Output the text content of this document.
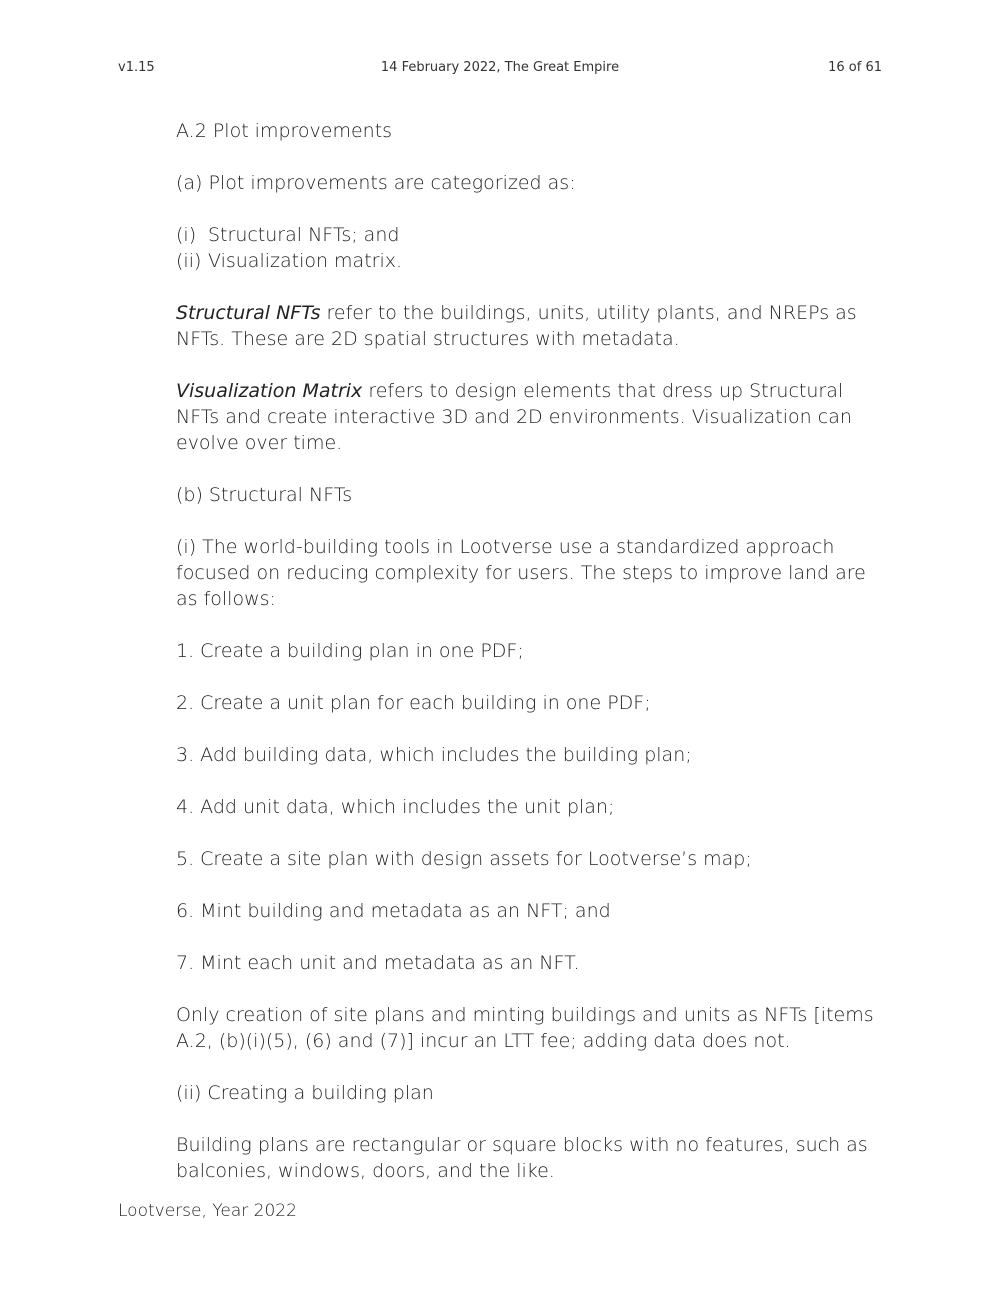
v1.15	14 February 2022, The Great Empire	16 of 61

A.2 Plot improvements

(a) Plot improvements are categorized as:

(i) Structural NFTs; and
(ii) Visualization matrix.

Structural NFTs refer to the buildings, units, utility plants, and NREPs as NFTs. These are 2D spatial structures with metadata.

Visualization Matrix refers to design elements that dress up Structural NFTs and create interactive 3D and 2D environments. Visualization can evolve over time.

(b) Structural NFTs

(i) The world-building tools in Lootverse use a standardized approach focused on reducing complexity for users. The steps to improve land are as follows:

1. Create a building plan in one PDF;

2. Create a unit plan for each building in one PDF;

3. Add building data, which includes the building plan;

4. Add unit data, which includes the unit plan;

5. Create a site plan with design assets for Lootverse’s map;

6. Mint building and metadata as an NFT; and

7. Mint each unit and metadata as an NFT.

Only creation of site plans and minting buildings and units as NFTs [items A.2, (b)(i)(5), (6) and (7)] incur an LTT fee; adding data does not.

(ii) Creating a building plan

Building plans are rectangular or square blocks with no features, such as balconies, windows, doors, and the like.

Lootverse, Year 2022
